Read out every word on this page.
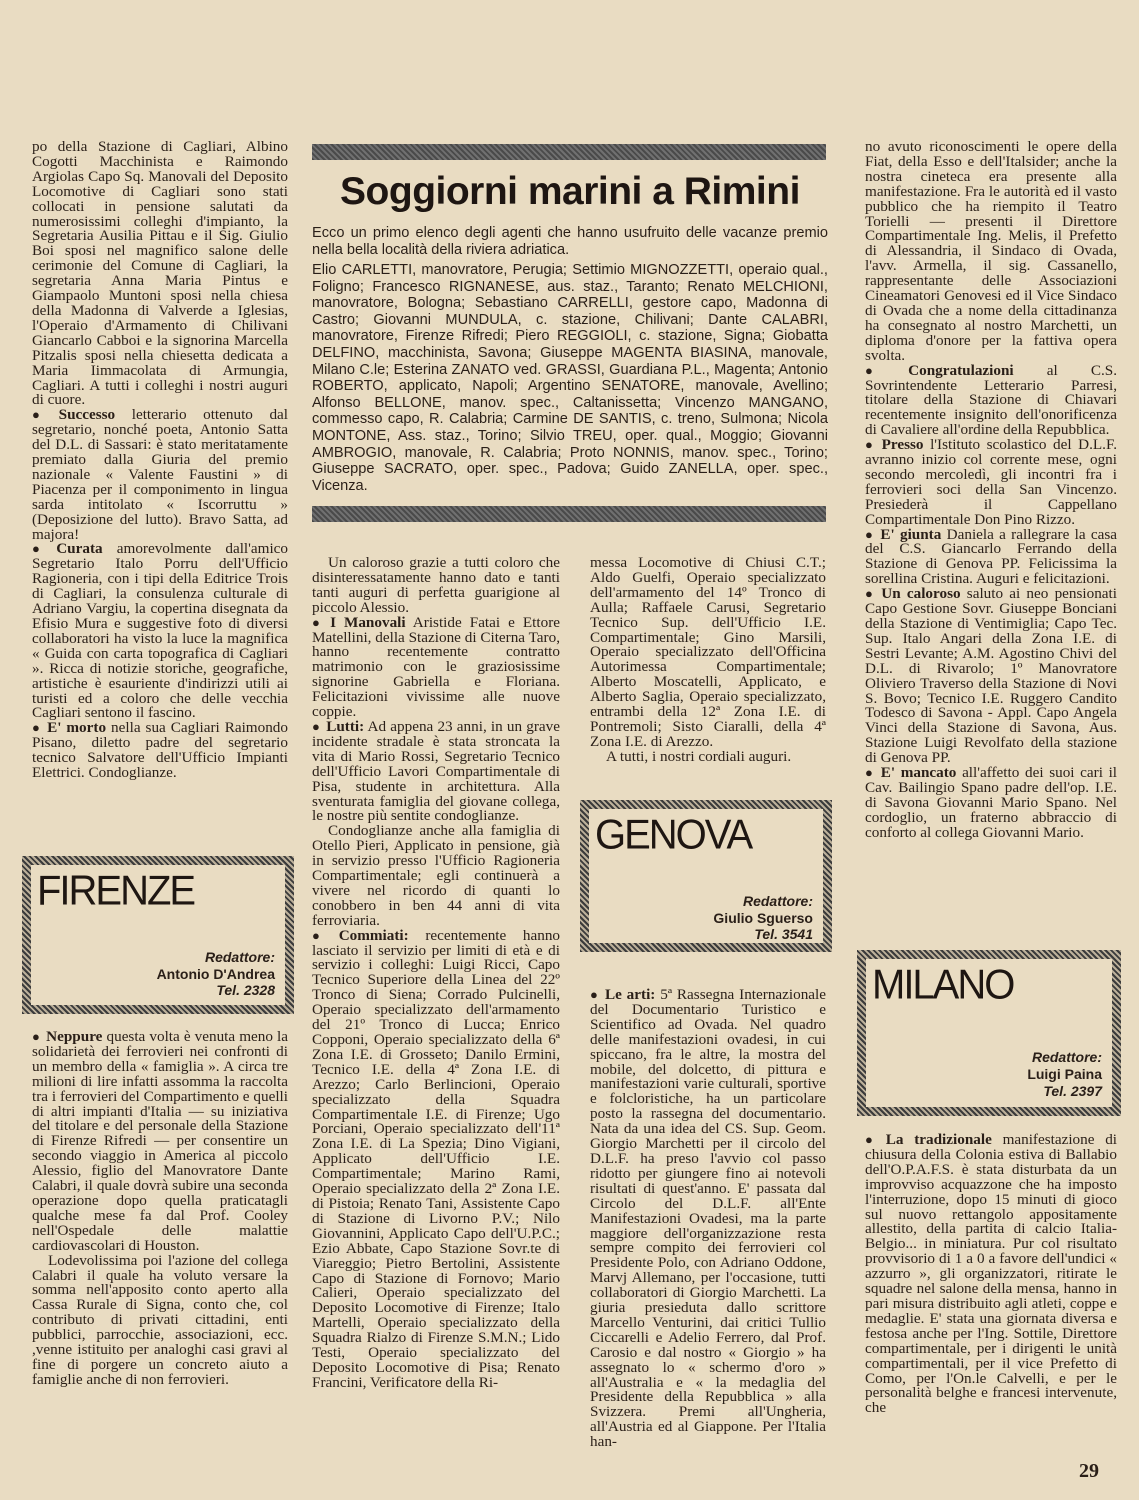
po della Stazione di Cagliari, Albino Cogotti Macchinista e Raimondo Argiolas Capo Sq. Manovali del Deposito Locomotive di Cagliari sono stati collocati in pensione salutati da numerosissimi colleghi d'impianto, la Segretaria Ausilia Pittau e il Sig. Giulio Boi sposi nel magnifico salone delle cerimonie del Comune di Cagliari, la segretaria Anna Maria Pintus e Giampaolo Muntoni sposi nella chiesa della Madonna di Valverde a Iglesias, l'Operaio d'Armamento di Chilivani Giancarlo Cabboi e la signorina Marcella Pitzalis sposi nella chiesetta dedicata a Maria Iimmacolata di Armungia, Cagliari. A tutti i colleghi i nostri auguri di cuore.

● Successo letterario ottenuto dal segretario, nonché poeta, Antonio Satta del D.L. di Sassari: è stato meritatamente premiato dalla Giuria del premio nazionale « Valente Faustini » di Piacenza per il componimento in lingua sarda intitolato « Iscorruttu » (Deposizione del lutto). Bravo Satta, ad majora!

● Curata amorevolmente dall'amico Segretario Italo Porru dell'Ufficio Ragioneria, con i tipi della Editrice Trois di Cagliari, la consulenza culturale di Adriano Vargiu, la copertina disegnata da Efisio Mura e suggestive foto di diversi collaboratori ha visto la luce la magnifica « Guida con carta topografica di Cagliari ». Ricca di notizie storiche, geografiche, artistiche è esauriente d'indirizzi utili ai turisti ed a coloro che delle vecchia Cagliari sentono il fascino.

● E' morto nella sua Cagliari Raimondo Pisano, diletto padre del segretario tecnico Salvatore dell'Ufficio Impianti Elettrici. Condoglianze.

FIRENZE
Redattore:
Antonio D'Andrea
Tel. 2328

● Neppure questa volta è venuta meno la solidarietà dei ferrovieri nei confronti di un membro della « famiglia ». A circa tre milioni di lire infatti assomma la raccolta tra i ferrovieri del Compartimento e quelli di altri impianti d'Italia — su iniziativa del titolare e del personale della Stazione di Firenze Rifredi — per consentire un secondo viaggio in America al piccolo Alessio, figlio del Manovratore Dante Calabri, il quale dovrà subire una seconda operazione dopo quella praticatagli qualche mese fa dal Prof. Cooley nell'Ospedale delle malattie cardiovascolari di Houston.

Lodevolissima poi l'azione del collega Calabri il quale ha voluto versare la somma nell'apposito conto aperto alla Cassa Rurale di Signa, conto che, col contributo di privati cittadini, enti pubblici, parrocchie, associazioni, ecc. ,venne istituito per analoghi casi gravi al fine di porgere un concreto aiuto a famiglie anche di non ferrovieri.

Soggiorni marini a Rimini
Ecco un primo elenco degli agenti che hanno usufruito delle vacanze premio nella bella località della riviera adriatica.
Elio CARLETTI, manovratore, Perugia; Settimio MIGNOZZETTI, operaio qual., Foligno; Francesco RIGNANESE, aus. staz., Taranto; Renato MELCHIONI, manovratore, Bologna; Sebastiano CARRELLI, gestore capo, Madonna di Castro; Giovanni MUNDULA, c. stazione, Chilivani; Dante CALABRI, manovratore, Firenze Rifredi; Piero REGGIOLI, c. stazione, Signa; Giobatta DELFINO, macchinista, Savona; Giuseppe MAGENTA BIASINA, manovale, Milano C.le; Esterina ZANATO ved. GRASSI, Guardiana P.L., Magenta; Antonio ROBERTO, applicato, Napoli; Argentino SENATORE, manovale, Avellino; Alfonso BELLONE, manov. spec., Caltanissetta; Vincenzo MANGANO, commesso capo, R. Calabria; Carmine DE SANTIS, c. treno, Sulmona; Nicola MONTONE, Ass. staz., Torino; Silvio TREU, oper. qual., Moggio; Giovanni AMBROGIO, manovale, R. Calabria; Proto NONNIS, manov. spec., Torino; Giuseppe SACRATO, oper. spec., Padova; Guido ZANELLA, oper. spec., Vicenza.

Un caloroso grazie a tutti coloro che disinteressatamente hanno dato e tanti tanti auguri di perfetta guarigione al piccolo Alessio.

● I Manovali Aristide Fatai e Ettore Matellini, della Stazione di Citerna Taro, hanno recentemente contratto matrimonio con le graziosissime signorine Gabriella e Floriana. Felicitazioni vivissime alle nuove coppie.

● Lutti: Ad appena 23 anni, in un grave incidente stradale è stata stroncata la vita di Mario Rossi, Segretario Tecnico dell'Ufficio Lavori Compartimentale di Pisa, studente in architettura. Alla sventurata famiglia del giovane collega, le nostre più sentite condoglianze.

Condoglianze anche alla famiglia di Otello Pieri, Applicato in pensione, già in servizio presso l'Ufficio Ragioneria Compartimentale; egli continuerà a vivere nel ricordo di quanti lo conobbero in ben 44 anni di vita ferroviaria.

● Commiati: recentemente hanno lasciato il servizio per limiti di età e di servizio i colleghi: Luigi Ricci, Capo Tecnico Superiore della Linea del 22º Tronco di Siena; Corrado Pulcinelli, Operaio specializzato dell'armamento del 21º Tronco di Lucca; Enrico Copponi, Operaio specializzato della 6ª Zona I.E. di Grosseto; Danilo Ermini, Tecnico I.E. della 4ª Zona I.E. di Arezzo; Carlo Berlincioni, Operaio specializzato della Squadra Compartimentale I.E. di Firenze; Ugo Porciani, Operaio specializzato dell'11ª Zona I.E. di La Spezia; Dino Vigiani, Applicato dell'Ufficio I.E. Compartimentale; Marino Rami, Operaio specializzato della 2ª Zona I.E. di Pistoia; Renato Tani, Assistente Capo di Stazione di Livorno P.V.; Nilo Giovannini, Applicato Capo dell'U.P.C.; Ezio Abbate, Capo Stazione Sovr.te di Viareggio; Pietro Bertolini, Assistente Capo di Stazione di Fornovo; Mario Calieri, Operaio specializzato del Deposito Locomotive di Firenze; Italo Martelli, Operaio specializzato della Squadra Rialzo di Firenze S.M.N.; Lido Testi, Operaio specializzato del Deposito Locomotive di Pisa; Renato Francini, Verificatore della Ri-

messa Locomotive di Chiusi C.T.; Aldo Guelfi, Operaio specializzato dell'armamento del 14º Tronco di Aulla; Raffaele Carusi, Segretario Tecnico Sup. dell'Ufficio I.E. Compartimentale; Gino Marsili, Operaio specializzato dell'Officina Autorimessa Compartimentale; Alberto Moscatelli, Applicato, e Alberto Saglia, Operaio specializzato, entrambi della 12ª Zona I.E. di Pontremoli; Sisto Ciaralli, della 4ª Zona I.E. di Arezzo.

A tutti, i nostri cordiali auguri.

GENOVA
Redattore:
Giulio Sguerso
Tel. 3541

● Le arti: 5ª Rassegna Internazionale del Documentario Turistico e Scientifico ad Ovada. Nel quadro delle manifestazioni ovadesi, in cui spiccano, fra le altre, la mostra del mobile, del dolcetto, di pittura e manifestazioni varie culturali, sportive e folcloristiche, ha un particolare posto la rassegna del documentario. Nata da una idea del CS. Sup. Geom. Giorgio Marchetti per il circolo del D.L.F. ha preso l'avvio col passo ridotto per giungere fino ai notevoli risultati di quest'anno. E' passata dal Circolo del D.L.F. all'Ente Manifestazioni Ovadesi, ma la parte maggiore dell'organizzazione resta sempre compito dei ferrovieri col Presidente Polo, con Adriano Oddone, Marvj Allemano, per l'occasione, tutti collaboratori di Giorgio Marchetti. La giuria presieduta dallo scrittore Marcello Venturini, dai critici Tullio Ciccarelli e Adelio Ferrero, dal Prof. Carosio e dal nostro « Giorgio » ha assegnato lo « schermo d'oro » all'Australia e « la medaglia del Presidente della Repubblica » alla Svizzera. Premi all'Ungheria, all'Austria ed al Giappone. Per l'Italia han-

no avuto riconoscimenti le opere della Fiat, della Esso e dell'Italsider; anche la nostra cineteca era presente alla manifestazione. Fra le autorità ed il vasto pubblico che ha riempito il Teatro Torielli — presenti il Direttore Compartimentale Ing. Melis, il Prefetto di Alessandria, il Sindaco di Ovada, l'avv. Armella, il sig. Cassanello, rappresentante delle Associazioni Cineamatori Genovesi ed il Vice Sindaco di Ovada che a nome della cittadinanza ha consegnato al nostro Marchetti, un diploma d'onore per la fattiva opera svolta.

● Congratulazioni al C.S. Sovrintendente Letterario Parresi, titolare della Stazione di Chiavari recentemente insignito dell'onorificenza di Cavaliere all'ordine della Repubblica.

● Presso l'Istituto scolastico del D.L.F. avranno inizio col corrente mese, ogni secondo mercoledì, gli incontri fra i ferrovieri soci della San Vincenzo. Presiederà il Cappellano Compartimentale Don Pino Rizzo.

● E' giunta Daniela a rallegrare la casa del C.S. Giancarlo Ferrando della Stazione di Genova PP. Felicissima la sorellina Cristina. Auguri e felicitazioni.

● Un caloroso saluto ai neo pensionati Capo Gestione Sovr. Giuseppe Bonciani della Stazione di Ventimiglia; Capo Tec. Sup. Italo Angari della Zona I.E. di Sestri Levante; A.M. Agostino Chivi del D.L. di Rivarolo; 1º Manovratore Oliviero Traverso della Stazione di Novi S. Bovo; Tecnico I.E. Ruggero Candito Todesco di Savona - Appl. Capo Angela Vinci della Stazione di Savona, Aus. Stazione Luigi Revolfato della stazione di Genova PP.

● E' mancato all'affetto dei suoi cari il Cav. Bailingio Spano padre dell'op. I.E. di Savona Giovanni Mario Spano. Nel cordoglio, un fraterno abbraccio di conforto al collega Giovanni Mario.

MILANO
Redattore:
Luigi Paina
Tel. 2397

● La tradizionale manifestazione di chiusura della Colonia estiva di Ballabio dell'O.P.A.F.S. è stata disturbata da un improvviso acquazzone che ha imposto l'interruzione, dopo 15 minuti di gioco sul nuovo rettangolo appositamente allestito, della partita di calcio Italia-Belgio... in miniatura. Pur col risultato provvisorio di 1 a 0 a favore dell'undici « azzurro », gli organizzatori, ritirate le squadre nel salone della mensa, hanno in pari misura distribuito agli atleti, coppe e medaglie. E' stata una giornata diversa e festosa anche per l'Ing. Sottile, Direttore compartimentale, per i dirigenti le unità compartimentali, per il vice Prefetto di Como, per l'On.le Calvelli, e per le personalità belghe e francesi intervenute, che

29
